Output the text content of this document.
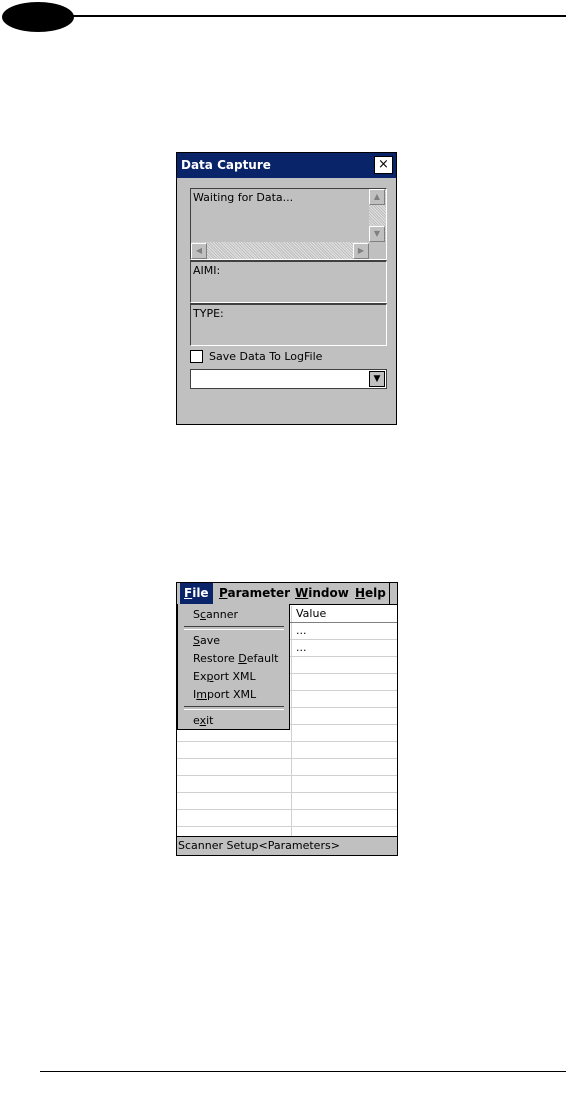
Data Capture	×
Waiting for Data...	▲
▼
◀	▶
AIMI:
TYPE:
Save Data To LogFile
▼
Value
...
...
File Parameter Window Help
Scanner
Save
Restore Default
Export XML
Import XML
exit
Scanner Setup<Parameters>
